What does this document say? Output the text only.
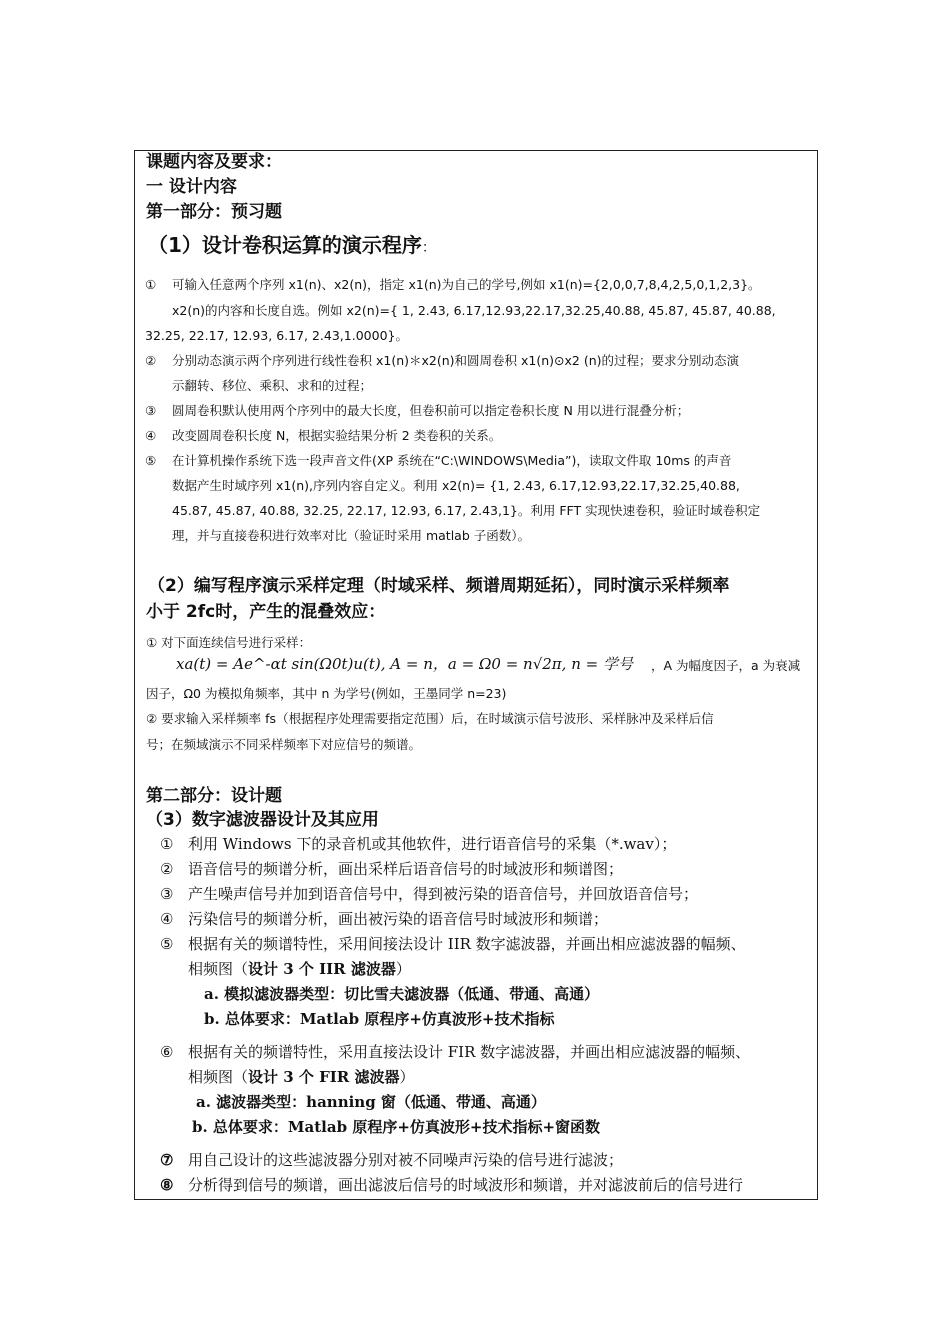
课题内容及要求：
一 设计内容
第一部分：预习题
（1）设计卷积运算的演示程序：
① 可输入任意两个序列 x1(n)、x2(n)，指定 x1(n)为自己的学号,例如 x1(n)={2,0,0,7,8,4,2,5,0,1,2,3}。
x2(n)的内容和长度自选。例如 x2(n)={ 1, 2.43, 6.17,12.93,22.17,32.25,40.88, 45.87, 45.87, 40.88,
32.25, 22.17, 12.93, 6.17, 2.43,1.0000}。
② 分别动态演示两个序列进行线性卷积 x1(n)＊x2(n)和圆周卷积 x1(n)⊙x2 (n)的过程；要求分别动态演
示翻转、移位、乘积、求和的过程；
③ 圆周卷积默认使用两个序列中的最大长度，但卷积前可以指定卷积长度 N 用以进行混叠分析；
④ 改变圆周卷积长度 N，根据实验结果分析 2 类卷积的关系。
⑤ 在计算机操作系统下选一段声音文件(XP 系统在“C:\WINDOWS\Media”)，读取文件取 10ms 的声音
数据产生时域序列 x1(n),序列内容自定义。利用 x2(n)= {1, 2.43, 6.17,12.93,22.17,32.25,40.88,
45.87, 45.87, 40.88, 32.25, 22.17, 12.93, 6.17, 2.43,1}。利用 FFT 实现快速卷积，验证时域卷积定
理，并与直接卷积进行效率对比（验证时采用 matlab 子函数）。
（2）编写程序演示采样定理（时域采样、频谱周期延拓），同时演示采样频率
小于 2fc时，产生的混叠效应：
① 对下面连续信号进行采样：
xa(t) = Ae^-αt sin(Ω0t)u(t), A = n，a = Ω0 = n√2π, n = 学号 ，A 为幅度因子，a 为衰减
因子，Ω0 为模拟角频率，其中 n 为学号(例如，王墨同学 n=23)
② 要求输入采样频率 fs（根据程序处理需要指定范围）后，在时域演示信号波形、采样脉冲及采样后信
号；在频域演示不同采样频率下对应信号的频谱。
第二部分：设计题
（3）数字滤波器设计及其应用
① 利用 Windows 下的录音机或其他软件，进行语音信号的采集（*.wav）；
② 语音信号的频谱分析，画出采样后语音信号的时域波形和频谱图；
③ 产生噪声信号并加到语音信号中，得到被污染的语音信号，并回放语音信号；
④ 污染信号的频谱分析，画出被污染的语音信号时域波形和频谱；
⑤ 根据有关的频谱特性，采用间接法设计 IIR 数字滤波器，并画出相应滤波器的幅频、
相频图（设计 3 个 IIR 滤波器）
a. 模拟滤波器类型：切比雪夫滤波器（低通、带通、高通）
b. 总体要求：Matlab 原程序+仿真波形+技术指标
⑥ 根据有关的频谱特性，采用直接法设计 FIR 数字滤波器，并画出相应滤波器的幅频、
相频图（设计 3 个 FIR 滤波器）
a. 滤波器类型：hanning 窗（低通、带通、高通）
b. 总体要求：Matlab 原程序+仿真波形+技术指标+窗函数
⑦ 用自己设计的这些滤波器分别对被不同噪声污染的信号进行滤波；
⑧ 分析得到信号的频谱，画出滤波后信号的时域波形和频谱，并对滤波前后的信号进行
